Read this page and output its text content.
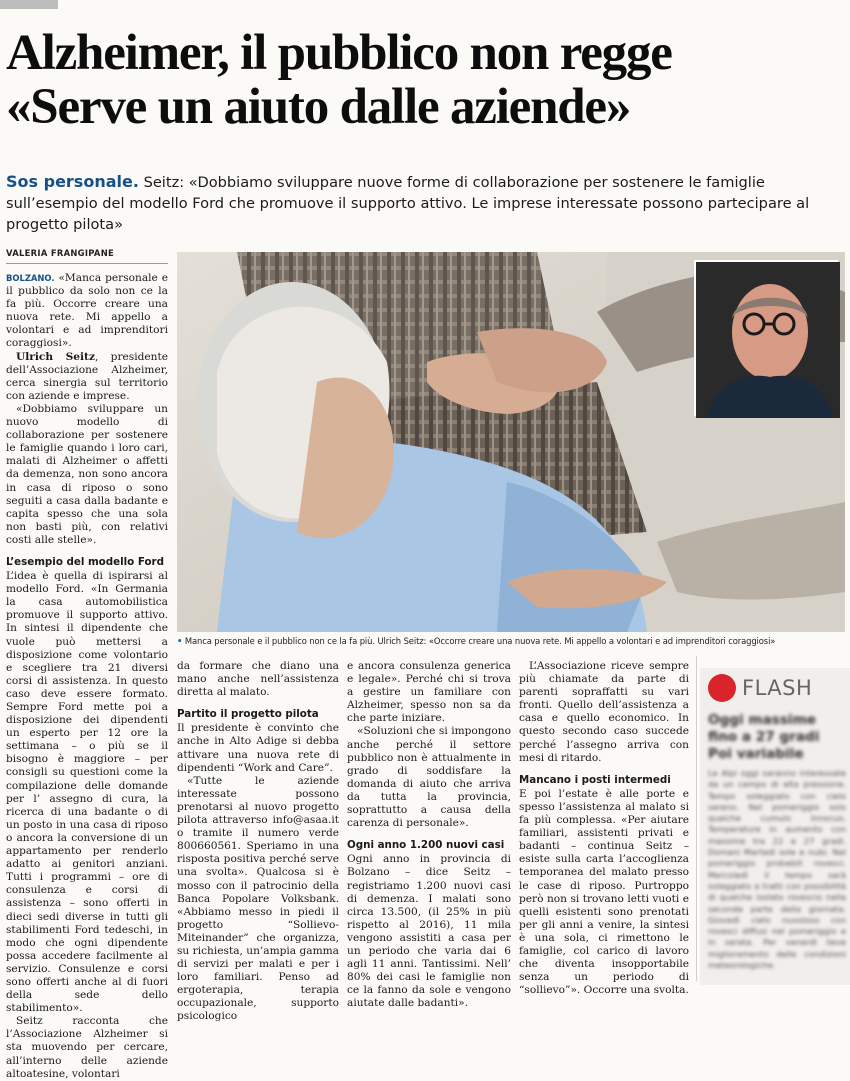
Alzheimer, il pubblico non regge
«Serve un aiuto dalle aziende»
Sos personale. Seitz: «Dobbiamo sviluppare nuove forme di collaborazione per sostenere le famiglie sull’esempio del modello Ford che promuove il supporto attivo. Le imprese interessate possono partecipare al progetto pilota»
VALERIA FRANGIPANE

BOLZANO. «Manca personale e il pubblico da solo non ce la fa più. Occorre creare una nuova rete. Mi appello a volontari e ad imprenditori coraggiosi».

Ulrich Seitz, presidente dell’Associazione Alzheimer, cerca sinergia sul territorio con aziende e imprese.

«Dobbiamo sviluppare un nuovo modello di collaborazione per sostenere le famiglie quando i loro cari, malati di Alzheimer o affetti da demenza, non sono ancora in casa di riposo o sono seguiti a casa dalla badante e capita spesso che una sola non basti più, con relativi costi alle stelle».

L’esempio del modello Ford

L’idea è quella di ispirarsi al modello Ford. «In Germania la casa automobilistica promuove il supporto attivo. In sintesi il dipendente che vuole può mettersi a disposizione come volontario e scegliere tra 21 diversi corsi di assistenza. In questo caso deve essere formato. Sempre Ford mette poi a disposizione dei dipendenti un esperto per 12 ore la settimana – o più se il bisogno è maggiore – per consigli su questioni come la compilazione delle domande per l’ assegno di cura, la ricerca di una badante o di un posto in una casa di riposo o ancora la conversione di un appartamento per renderlo adatto ai genitori anziani. Tutti i programmi – ore di consulenza e corsi di assistenza – sono offerti in dieci sedi diverse in tutti gli stabilimenti Ford tedeschi, in modo che ogni dipendente possa accedere facilmente al servizio. Consulenze e corsi sono offerti anche al di fuori della sede dello stabilimento».

Seitz racconta che l’Associazione Alzheimer si sta muovendo per cercare, all’interno delle aziende altoatesine, volontari

• Manca personale e il pubblico non ce la fa più. Ulrich Seitz: «Occorre creare una nuova rete. Mi appello a volontari e ad imprenditori coraggiosi»

da formare che diano una mano anche nell’assistenza diretta al malato.

Partito il progetto pilota

Il presidente è convinto che anche in Alto Adige si debba attivare una nuova rete di dipendenti “Work and Care”.

«Tutte le aziende interessate possono prenotarsi al nuovo progetto pilota attraverso info@asaa.it o tramite il numero verde 800660561. Speriamo in una risposta positiva perché serve una svolta». Qualcosa si è mosso con il patrocinio della Banca Popolare Volksbank. «Abbiamo messo in piedi il progetto “Sollievo-Miteinander” che organizza, su richiesta, un’ampia gamma di servizi per malati e per i loro familiari. Penso ad ergoterapia, terapia occupazionale, supporto psicologico

e ancora consulenza generica e legale». Perché chi si trova a gestire un familiare con Alzheimer, spesso non sa da che parte iniziare.

«Soluzioni che si impongono anche perché il settore pubblico non è attualmente in grado di soddisfare la domanda di aiuto che arriva da tutta la provincia, soprattutto a causa della carenza di personale».

Ogni anno 1.200 nuovi casi

Ogni anno in provincia di Bolzano – dice Seitz – registriamo 1.200 nuovi casi di demenza. I malati sono circa 13.500, (il 25% in più rispetto al 2016), 11 mila vengono assistiti a casa per un periodo che varia dai 6 agli 11 anni. Tantissimi. Nell’ 80% dei casi le famiglie non ce la fanno da sole e vengono aiutate dalle badanti».

L’Associazione riceve sempre più chiamate da parte di parenti sopraffatti su vari fronti. Quello dell’assistenza a casa e quello economico. In questo secondo caso succede perché l’assegno arriva con mesi di ritardo.

Mancano i posti intermedi

E poi l’estate è alle porte e spesso l’assistenza al malato si fa più complessa. «Per aiutare familiari, assistenti privati e badanti – continua Seitz – esiste sulla carta l’accoglienza temporanea del malato presso le case di riposo. Purtroppo però non si trovano letti vuoti e quelli esistenti sono prenotati per gli anni a venire, la sintesi è una sola, ci rimettono le famiglie, col carico di lavoro che diventa insopportabile senza un periodo di “sollievo”». Occorre una svolta.

FLASH
Oggi massime fino a 27 gradi Poi variabile
Le Alpi oggi saranno interessate da un campo di alta pressione. Tempo soleggiato con cielo sereno. Nel pomeriggio solo qualche cumulo innocuo. Temperature in aumento con massime tra 22 e 27 gradi. Domani Martedì sole e nubi. Nel pomeriggio probabili rovesci. Mercoledì il tempo sarà soleggiato a tratti con possibilità di qualche isolato rovescio nella seconda parte della giornata. Giovedì cielo nuvoloso con rovesci diffusi nel pomeriggio e in serata. Per venerdì lieve miglioramento delle condizioni meteorologiche.
